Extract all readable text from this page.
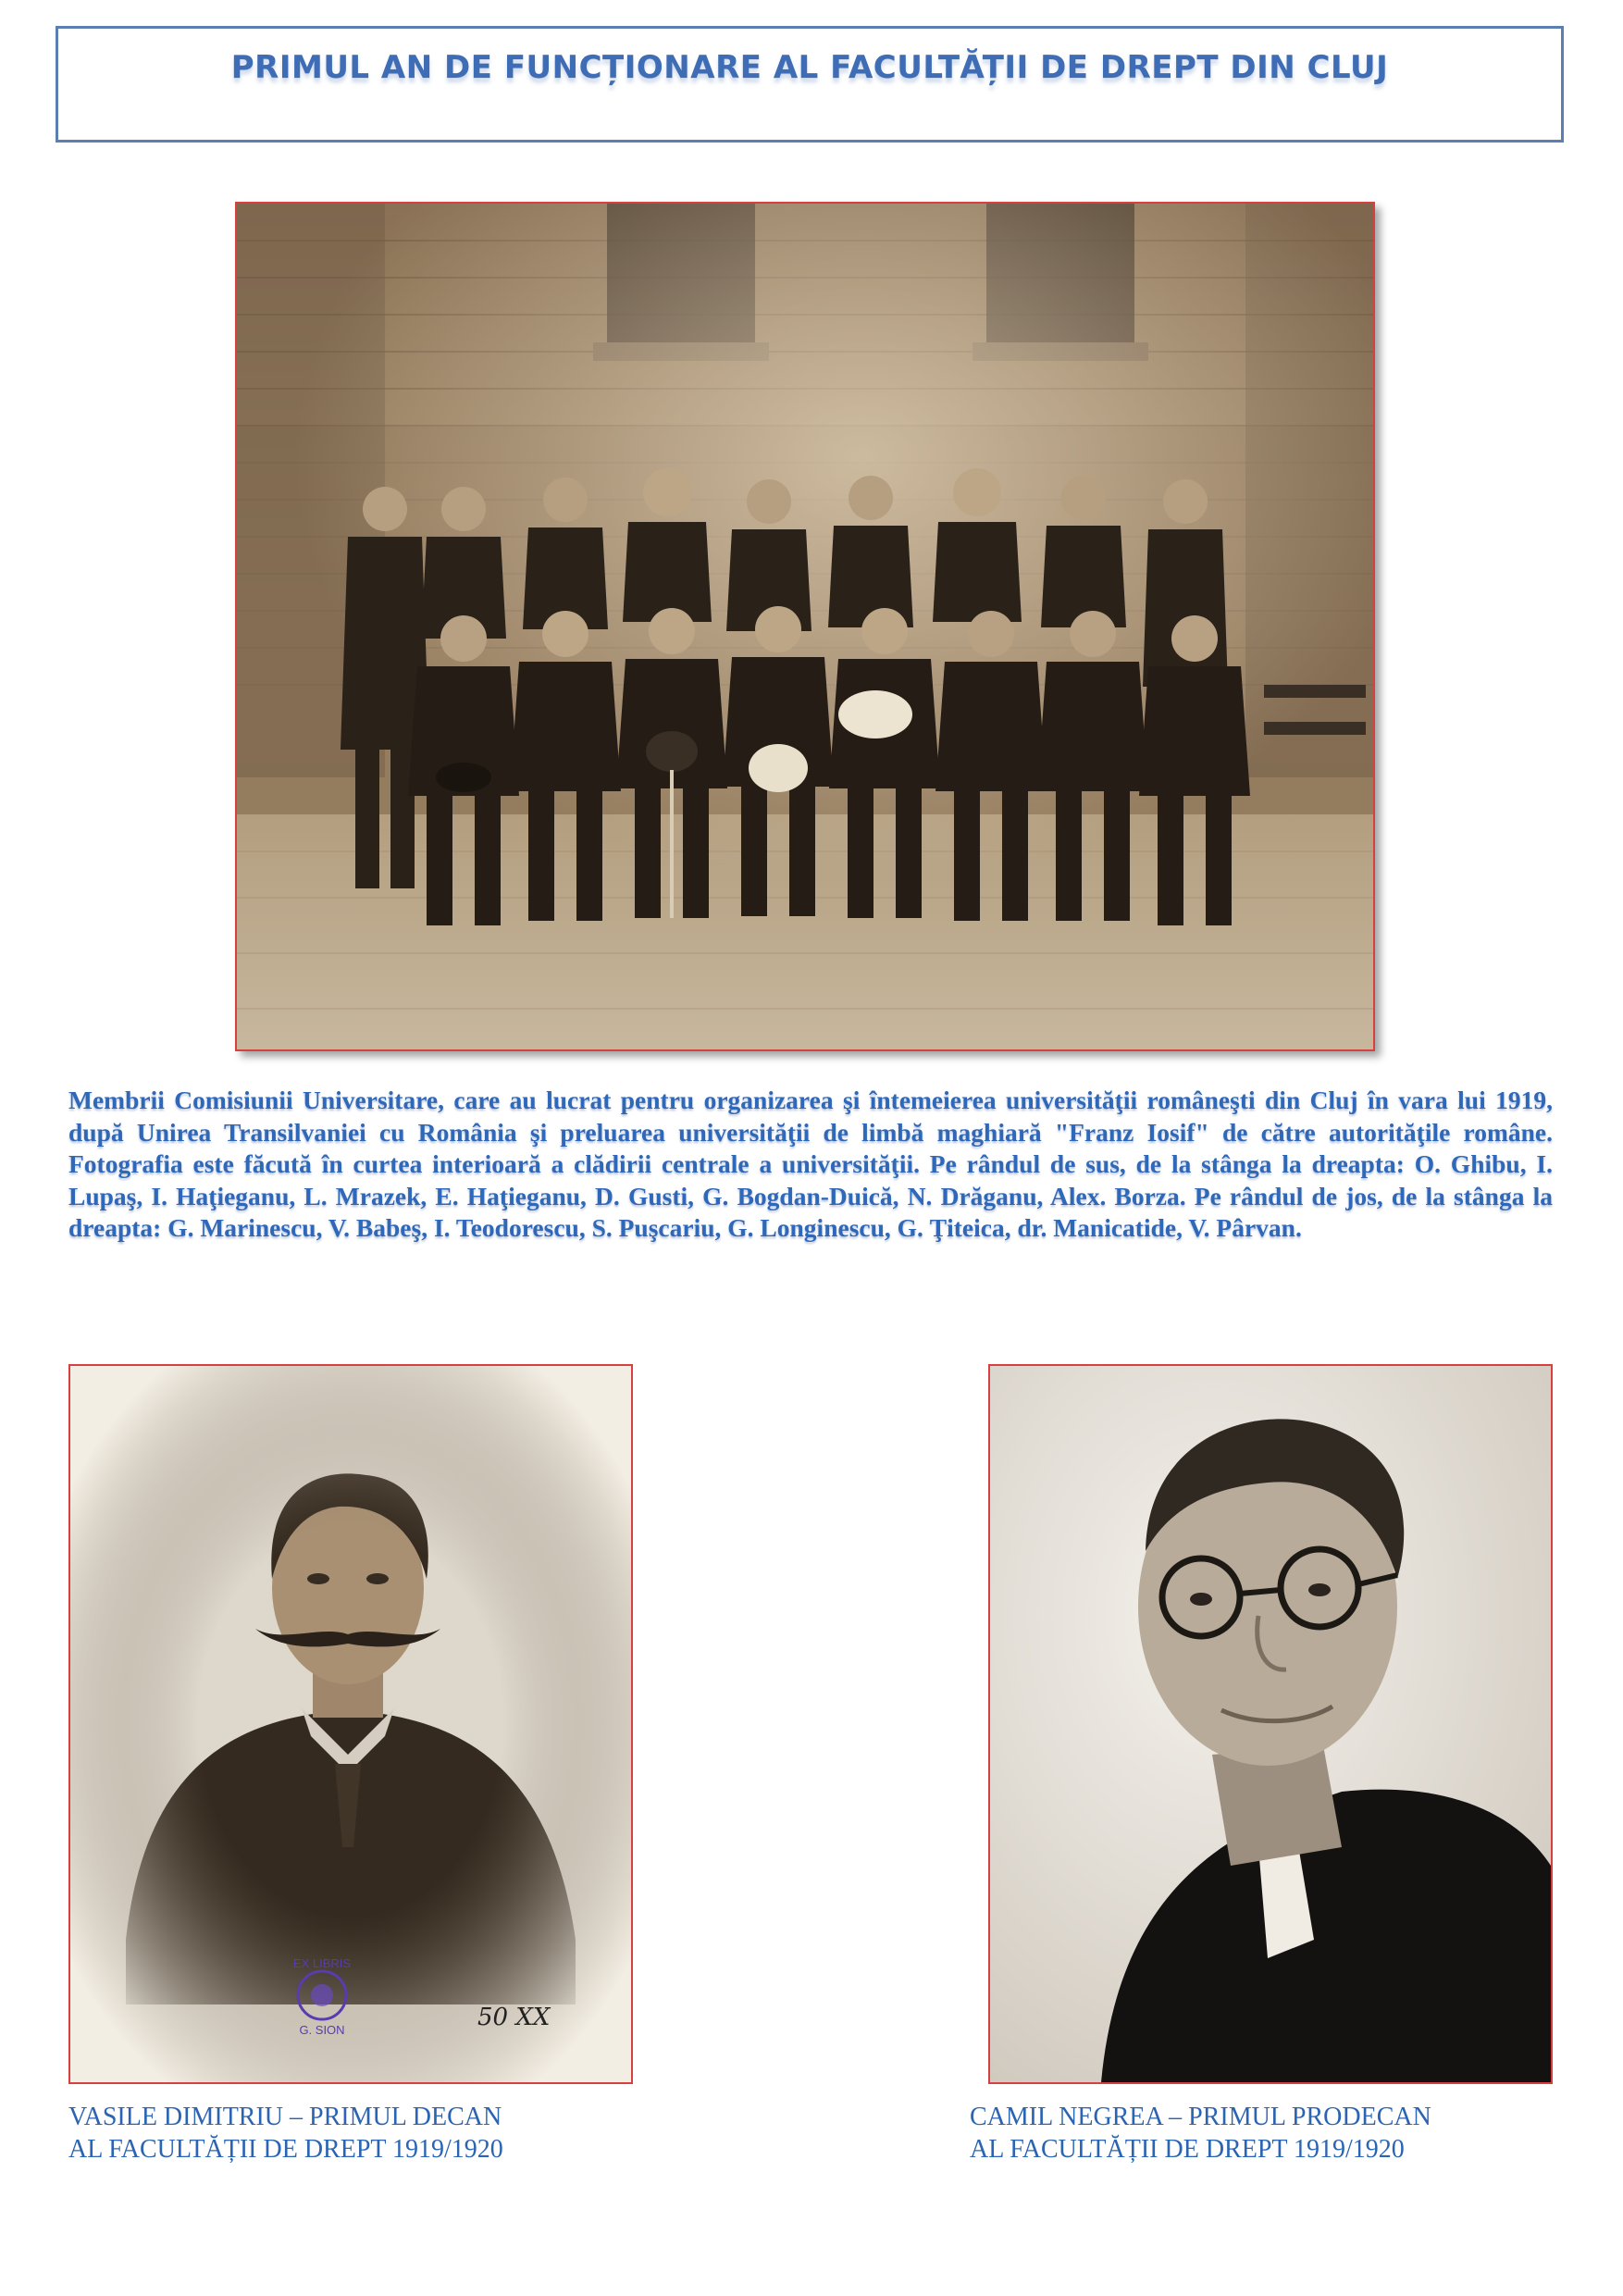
PRIMUL AN DE FUNCȚIONARE AL FACULTĂȚII DE DREPT DIN CLUJ
Membrii Comisiunii Universitare, care au lucrat pentru organizarea şi întemeierea universităţii româneşti din Cluj în vara lui 1919, după Unirea Transilvaniei cu România şi preluarea universităţii de limbă maghiară "Franz Iosif" de către autorităţile române. Fotografia este făcută în curtea interioară a clădirii centrale a universităţii. Pe rândul de sus, de la stânga la dreapta: O. Ghibu, I. Lupaş, I. Haţieganu, L. Mrazek, E. Haţieganu, D. Gusti, G. Bogdan-Duică, N. Drăganu, Alex. Borza. Pe rândul de jos, de la stânga la dreapta: G. Marinescu, V. Babeş, I. Teodorescu, S. Puşcariu, G. Longinescu, G. Ţiteica, dr. Manicatide, V. Pârvan.
EX LIBRIS
G. SION	50 XX
VASILE DIMITRIU – PRIMUL DECAN
AL FACULTĂȚII DE DREPT 1919/1920
CAMIL NEGREA – PRIMUL PRODECAN
AL FACULTĂȚII DE DREPT 1919/1920
